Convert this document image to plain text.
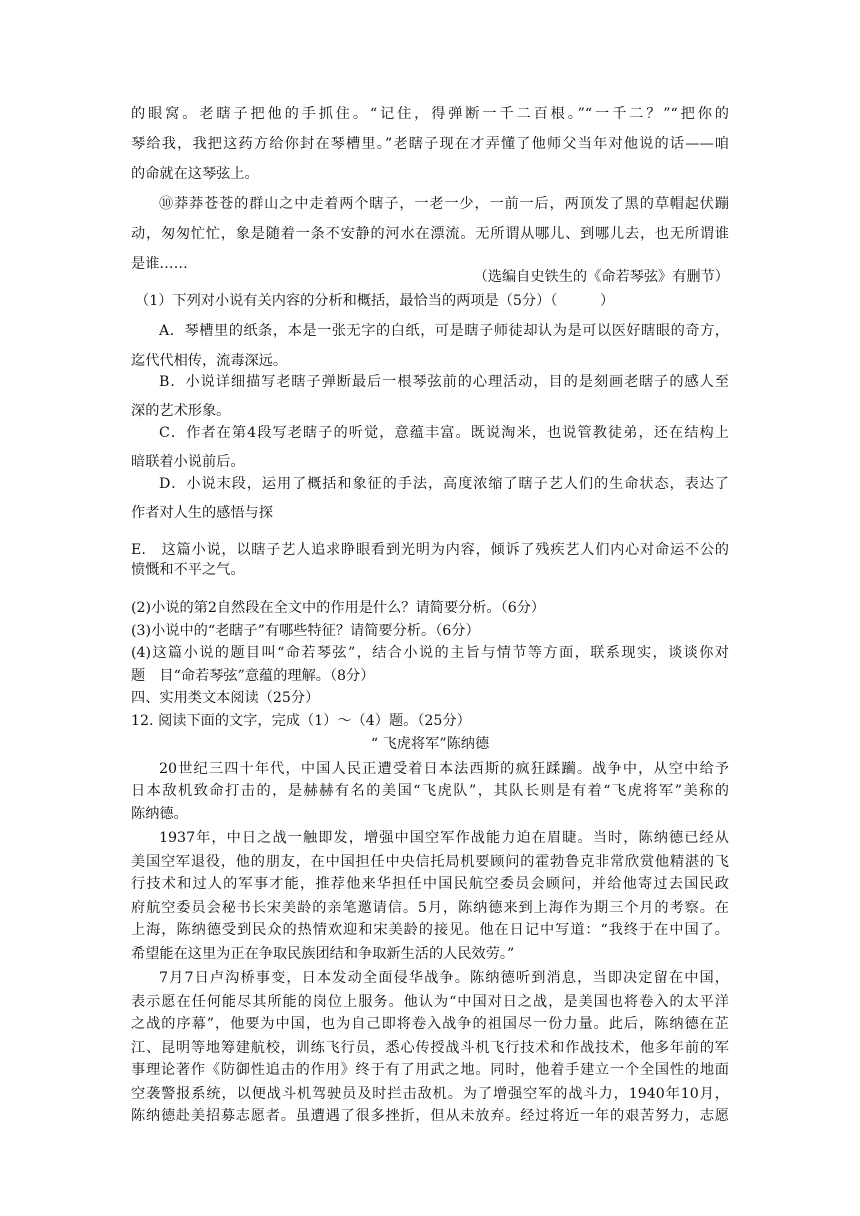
的眼窝。老瞎子把他的手抓住。“记住，得弹断一千二百根。”“一千二？”“把你的
琴给我，我把这药方给你封在琴槽里。”老瞎子现在才弄懂了他师父当年对他说的话——咱
的命就在这琴弦上。
⑩莽莽苍苍的群山之中走着两个瞎子，一老一少，一前一后，两顶发了黑的草帽起伏蹦
动，匆匆忙忙，象是随着一条不安静的河水在漂流。无所谓从哪儿、到哪儿去，也无所谓谁
是谁……
（选编自史铁生的《命若琴弦》有删节）
（1）下列对小说有关内容的分析和概括，最恰当的两项是（5分）（　　　）
A．琴槽里的纸条，本是一张无字的白纸，可是瞎子师徒却认为是可以医好瞎眼的奇方，
迄代代相传，流毒深远。
B．小说详细描写老瞎子弹断最后一根琴弦前的心理活动，目的是刻画老瞎子的感人至
深的艺术形象。
C．作者在第4段写老瞎子的听觉，意蕴丰富。既说淘米，也说管教徒弟，还在结构上
暗联着小说前后。
D．小说末段，运用了概括和象征的手法，高度浓缩了瞎子艺人们的生命状态，表达了
作者对人生的感悟与探
E.　这篇小说，以瞎子艺人追求睁眼看到光明为内容，倾诉了残疾艺人们内心对命运不公的
愤慨和不平之气。
(2)小说的第2自然段在全文中的作用是什么？请简要分析。（6分）
(3)小说中的“老瞎子”有哪些特征？请简要分析。（6分）
(4)这篇小说的题目叫“命若琴弦”，结合小说的主旨与情节等方面，联系现实，谈谈你对
题　目“命若琴弦”意蕴的理解。（8分）
四、实用类文本阅读（25分）
12. 阅读下面的文字，完成（1）～（4）题。（25分）
“ 飞虎将军”陈纳德
20世纪三四十年代，中国人民正遭受着日本法西斯的疯狂蹂躏。战争中，从空中给予
日本敌机致命打击的，是赫赫有名的美国“飞虎队”，其队长则是有着“飞虎将军”美称的
陈纳德。
1937年，中日之战一触即发，增强中国空军作战能力迫在眉睫。当时，陈纳德已经从
美国空军退役，他的朋友，在中国担任中央信托局机要顾问的霍勃鲁克非常欣赏他精湛的飞
行技术和过人的军事才能，推荐他来华担任中国民航空委员会顾问，并给他寄过去国民政
府航空委员会秘书长宋美龄的亲笔邀请信。5月，陈纳德来到上海作为期三个月的考察。在
上海，陈纳德受到民众的热情欢迎和宋美龄的接见。他在日记中写道：“我终于在中国了。
希望能在这里为正在争取民族团结和争取新生活的人民效劳。”
7月7日卢沟桥事变，日本发动全面侵华战争。陈纳德听到消息，当即决定留在中国，
表示愿在任何能尽其所能的岗位上服务。他认为“中国对日之战，是美国也将卷入的太平洋
之战的序幕”，他要为中国，也为自己即将卷入战争的祖国尽一份力量。此后，陈纳德在芷
江、昆明等地筹建航校，训练飞行员，悉心传授战斗机飞行技术和作战技术，他多年前的军
事理论著作《防御性追击的作用》终于有了用武之地。同时，他着手建立一个全国性的地面
空袭警报系统，以便战斗机驾驶员及时拦击敌机。为了增强空军的战斗力，1940年10月，
陈纳德赴美招募志愿者。虽遭遇了很多挫折，但从未放弃。经过将近一年的艰苦努力，志愿
